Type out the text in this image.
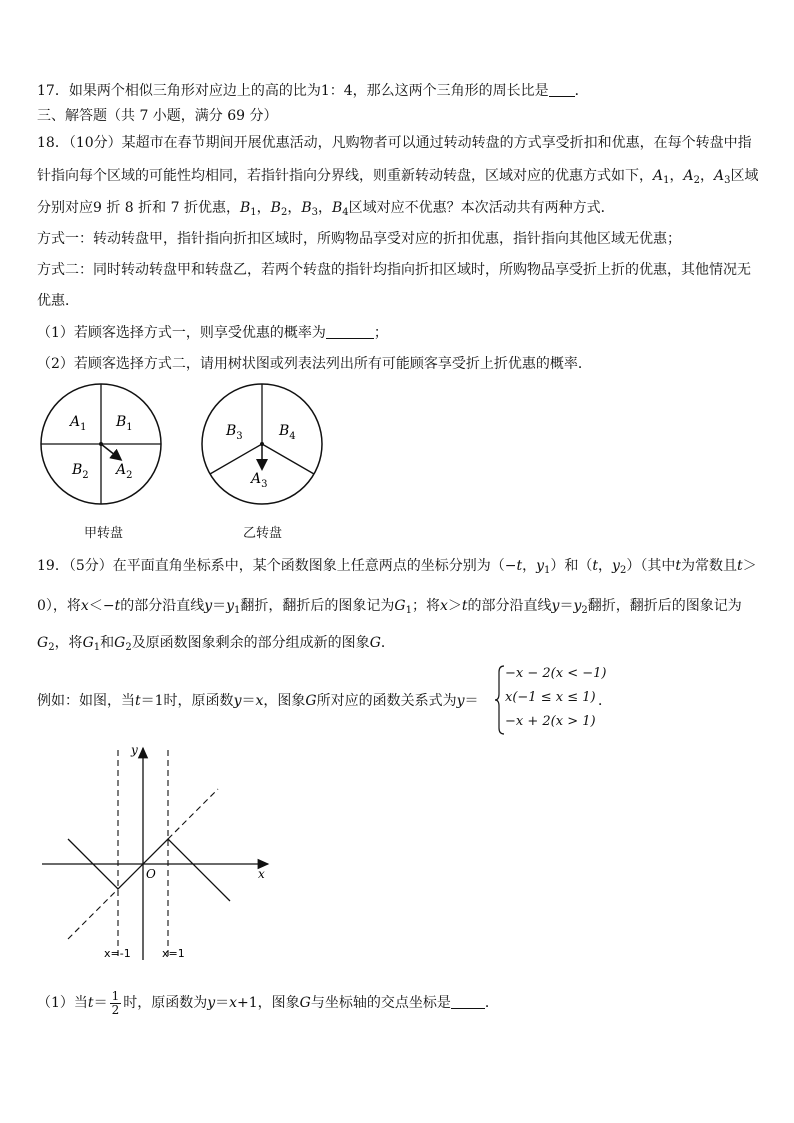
17．如果两个相似三角形对应边上的高的比为1：4，那么这两个三角形的周长比是 ．
三、解答题（共 7 小题，满分 69 分）
18．（10分）某超市在春节期间开展优惠活动，凡购物者可以通过转动转盘的方式享受折扣和优惠，在每个转盘中指
针指向每个区域的可能性均相同，若指针指向分界线，则重新转动转盘，区域对应的优惠方式如下，$A_1$，$A_2$，$A_3$区域
分别对应9 折 8 折和 7 折优惠，$B_1$，$B_2$，$B_3$，$B_4$区域对应不优惠？本次活动共有两种方式．
方式一：转动转盘甲，指针指向折扣区域时，所购物品享受对应的折扣优惠，指针指向其他区域无优惠；
方式二：同时转动转盘甲和转盘乙，若两个转盘的指针均指向折扣区域时，所购物品享受折上折的优惠，其他情况无
优惠．
（1）若顾客选择方式一，则享受优惠的概率为	；
（2）若顾客选择方式二，请用树状图或列表法列出所有可能顾客享受折上折优惠的概率．
$A_1$ $B_1$
$B_2$ $A_2$
$B_3$	$B_4$
$A_3$
甲转盘	乙转盘
19．（5分）在平面直角坐标系中，某个函数图象上任意两点的坐标分别为（−t，$y_1$）和（t，$y_2$）（其中t为常数且t＞
0），将x＜−t的部分沿直线$y=y_1$翻折，翻折后的图象记为$G_1$；将x＞t的部分沿直线$y=y_2$翻折，翻折后的图象记为
$G_2$，将$G_1$和$G_2$及原函数图象剩余的部分组成新的图象G．
例如：如图，当t＝1时，原函数y＝x，图象G所对应的函数关系式为y＝
−x − 2(x < −1)
x(−1 ≤ x ≤ 1)
−x + 2(x > 1)
．
y
x
O
x=-1	x=1
（1）当$t= \frac{1}{2}$ 时，原函数为y＝x+1，图象G与坐标轴的交点坐标是 ．
